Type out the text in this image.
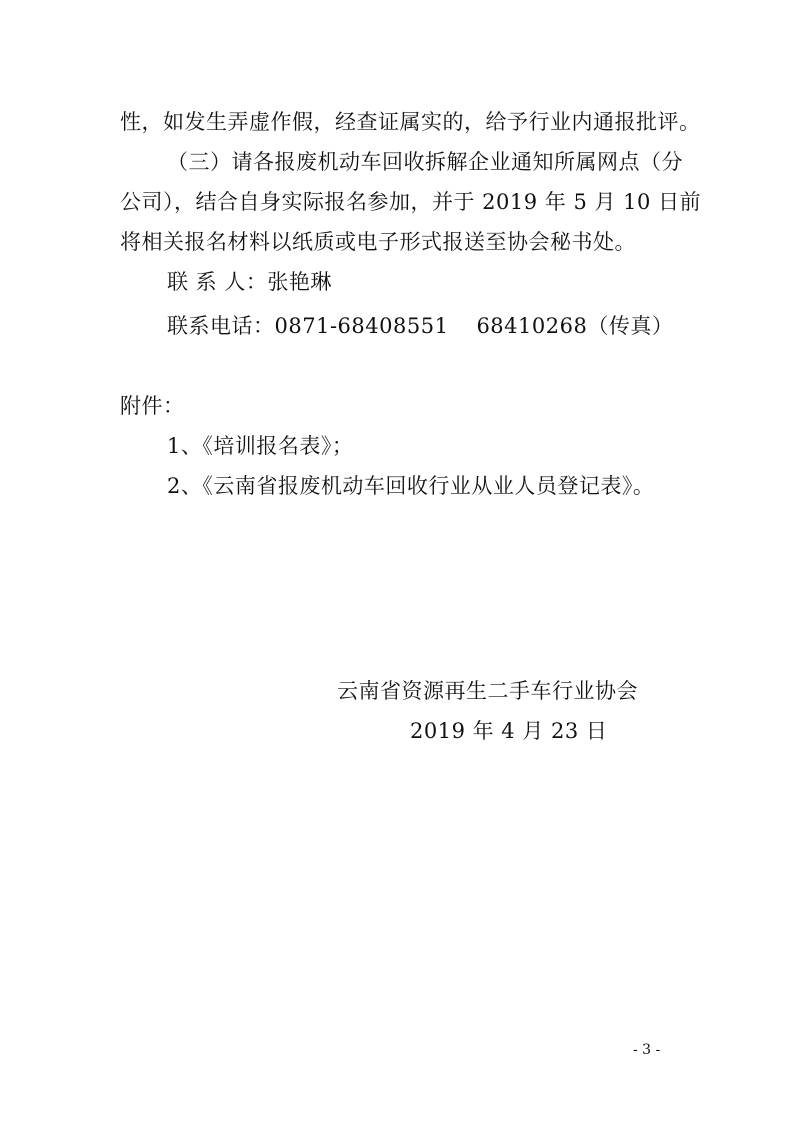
性，如发生弄虚作假，经查证属实的，给予行业内通报批评。
（三）请各报废机动车回收拆解企业通知所属网点（分
公司），结合自身实际报名参加，并于 2019 年 5 月 10 日前
将相关报名材料以纸质或电子形式报送至协会秘书处。
联 系 人：张艳琳
联系电话：0871-68408551 68410268（传真）
附件：
1、《培训报名表》；
2、《云南省报废机动车回收行业从业人员登记表》。
云南省资源再生二手车行业协会
2019 年 4 月 23 日
- 3 -
